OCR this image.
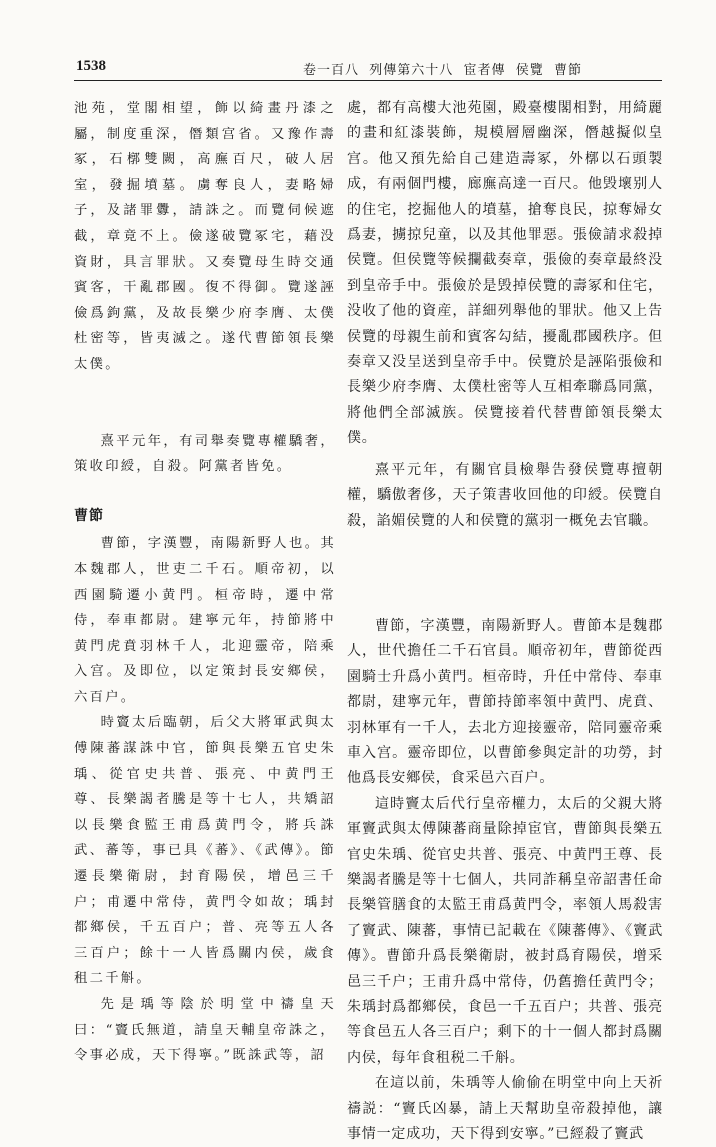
1538	卷一百八  列傳第六十八  宦者傳  侯覽  曹節

池苑，堂閣相望，飾以綺畫丹漆之屬，制度重深，僭類宫省。又豫作壽冢，石槨雙闕，高廡百尺，破人居室，發掘墳墓。虜奪良人，妻略婦子，及諸罪釁，請誅之。而覽伺候遮截，章竟不上。儉遂破覽冢宅，藉没資財，具言罪狀。又奏覽母生時交通賓客，干亂郡國。復不得御。覽遂誣儉爲鉤黨，及故長樂少府李膺、太僕杜密等，皆夷滅之。遂代曹節領長樂太僕。

熹平元年，有司舉奏覽專權驕奢，策收印綬，自殺。阿黨者皆免。

曹節

曹節，字漢豐，南陽新野人也。其本魏郡人，世吏二千石。順帝初，以西園騎遷小黄門。桓帝時，遷中常侍，奉車都尉。建寧元年，持節將中黄門虎賁羽林千人，北迎靈帝，陪乘入宫。及即位，以定策封長安鄉侯，六百户。

時竇太后臨朝，后父大將軍武與太傅陳蕃謀誅中官，節與長樂五官史朱瑀、從官史共普、張亮、中黄門王尊、長樂謁者騰是等十七人，共矯詔以長樂食監王甫爲黄門令，將兵誅武、蕃等，事已具《蕃》、《武傳》。節遷長樂衛尉，封育陽侯，增邑三千户；甫遷中常侍，黄門令如故；瑀封都鄉侯，千五百户；普、亮等五人各三百户；餘十一人皆爲關内侯，歲食租二千斛。

先是瑀等陰於明堂中禱皇天曰：“竇氏無道，請皇天輔皇帝誅之，令事必成，天下得寧。”既誅武等，詔

處，都有高樓大池苑園，殿臺樓閣相對，用綺麗的畫和紅漆裝飾，規模層層幽深，僭越擬似皇宫。他又預先給自己建造壽冢，外槨以石頭製成，有兩個門樓，廊廡高達一百尺。他毁壞别人的住宅，挖掘他人的墳墓，搶奪良民，掠奪婦女爲妻，擄掠兒童，以及其他罪惡。張儉請求殺掉侯覽。但侯覽等候攔截奏章，張儉的奏章最終没到皇帝手中。張儉於是毁掉侯覽的壽冢和住宅，没收了他的資産，詳細列舉他的罪狀。他又上告侯覽的母親生前和賓客勾結，擾亂郡國秩序。但奏章又没呈送到皇帝手中。侯覽於是誣陷張儉和長樂少府李膺、太僕杜密等人互相牽聯爲同黨，將他們全部滅族。侯覽接着代替曹節領長樂太僕。

熹平元年，有關官員檢舉告發侯覽專擅朝權，驕傲奢侈，天子策書收回他的印綬。侯覽自殺，諂媚侯覽的人和侯覽的黨羽一概免去官職。

曹節，字漢豐，南陽新野人。曹節本是魏郡人，世代擔任二千石官員。順帝初年，曹節從西園騎士升爲小黄門。桓帝時，升任中常侍、奉車都尉，建寧元年，曹節持節率領中黄門、虎賁、羽林軍有一千人，去北方迎接靈帝，陪同靈帝乘車入宫。靈帝即位，以曹節參與定計的功勞，封他爲長安鄉侯，食采邑六百户。

這時竇太后代行皇帝權力，太后的父親大將軍竇武與太傅陳蕃商量除掉宦官，曹節與長樂五官史朱瑀、從官史共普、張亮、中黄門王尊、長樂謁者騰是等十七個人，共同詐稱皇帝詔書任命長樂管膳食的太監王甫爲黄門令，率領人馬殺害了竇武、陳蕃，事情已記載在《陳蕃傳》、《竇武傳》。曹節升爲長樂衛尉，被封爲育陽侯，增采邑三千户；王甫升爲中常侍，仍舊擔任黄門令；朱瑀封爲都鄉侯，食邑一千五百户；共普、張亮等食邑五人各三百户；剩下的十一個人都封爲關内侯，每年食租税二千斛。

在這以前，朱瑀等人偷偷在明堂中向上天祈禱説：“竇氏凶暴，請上天幫助皇帝殺掉他，讓事情一定成功，天下得到安寧。”已經殺了竇武
